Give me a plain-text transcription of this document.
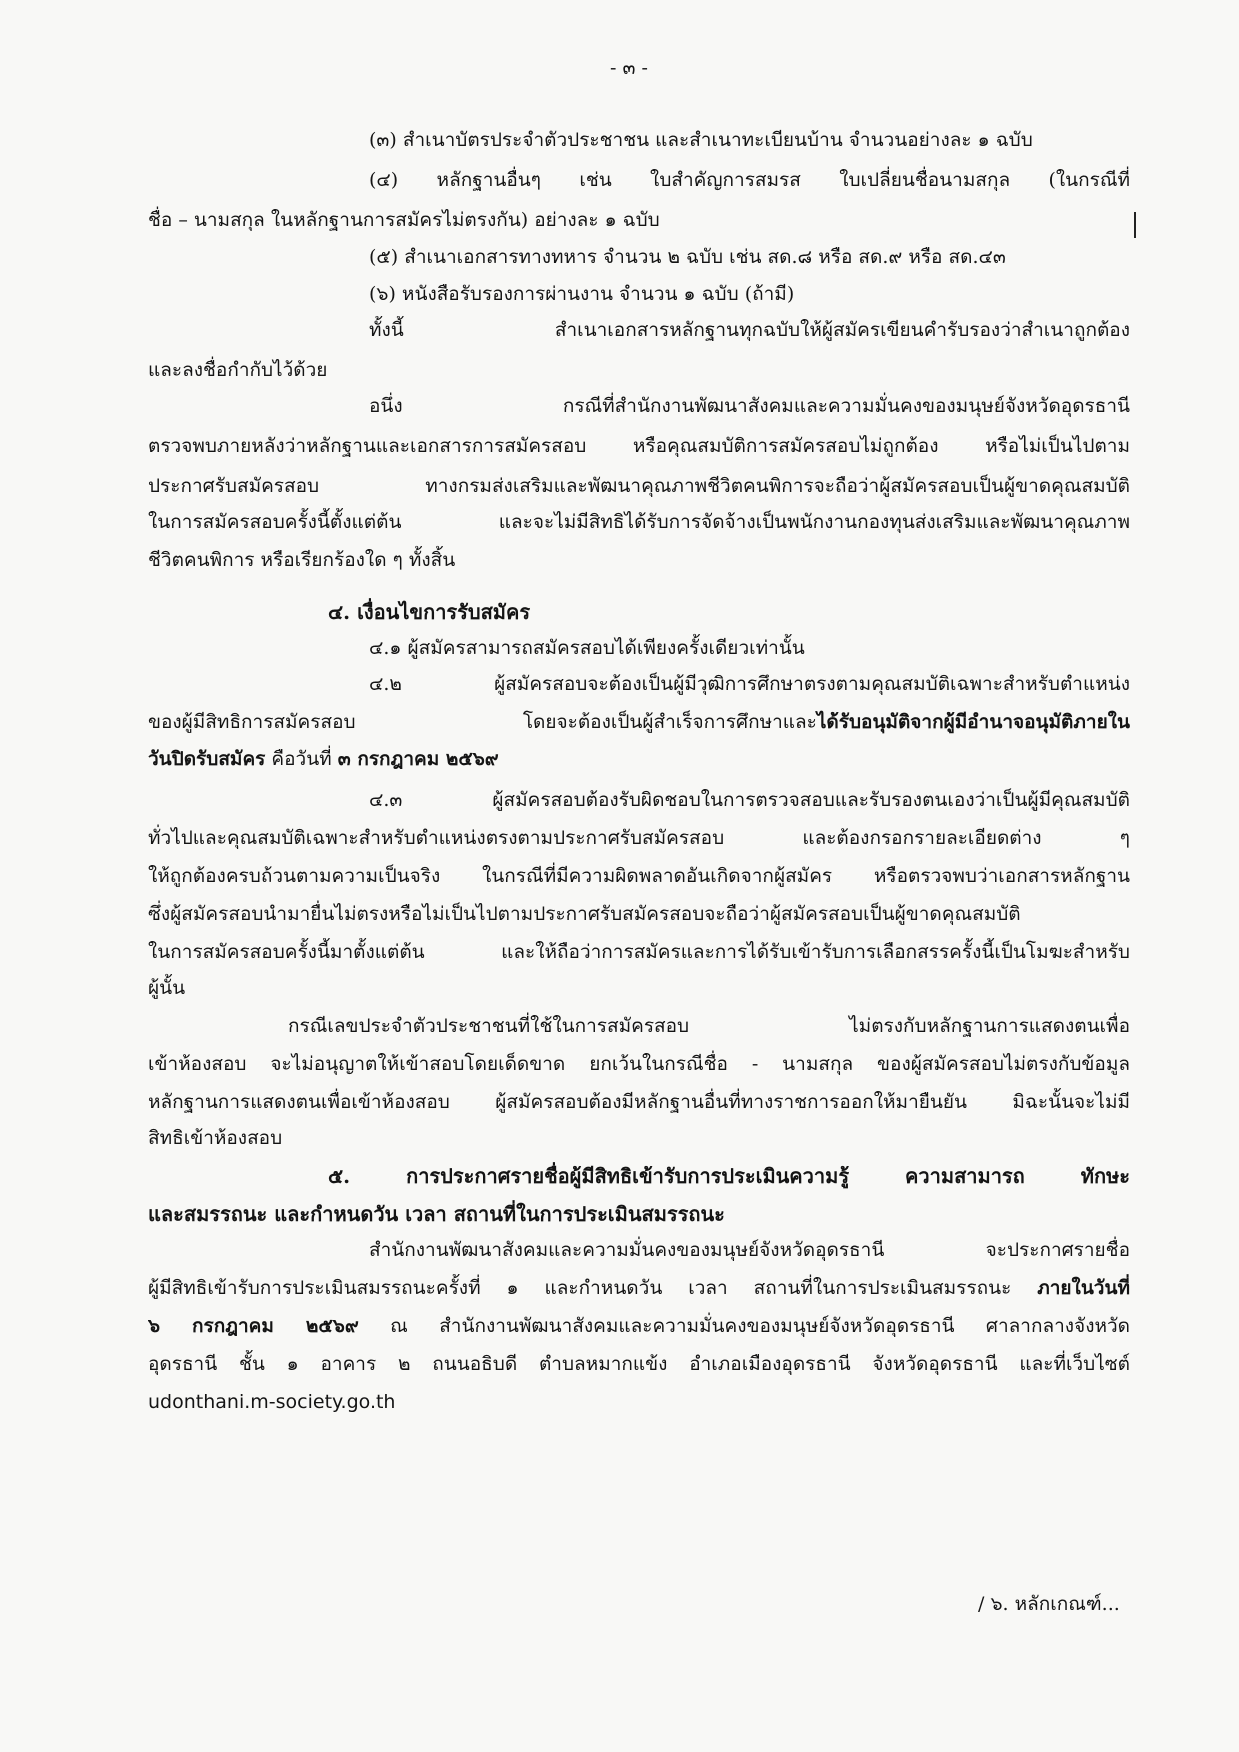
- ๓ -
(๓) สำเนาบัตรประจำตัวประชาชน และสำเนาทะเบียนบ้าน จำนวนอย่างละ ๑ ฉบับ
(๔) หลักฐานอื่นๆ เช่น ใบสำคัญการสมรส ใบเปลี่ยนชื่อนามสกุล (ในกรณีที่
ชื่อ – นามสกุล ในหลักฐานการสมัครไม่ตรงกัน) อย่างละ ๑ ฉบับ
(๕) สำเนาเอกสารทางทหาร จำนวน ๒ ฉบับ เช่น สด.๘ หรือ สด.๙ หรือ สด.๔๓
(๖) หนังสือรับรองการผ่านงาน จำนวน ๑ ฉบับ (ถ้ามี)
ทั้งนี้ สำเนาเอกสารหลักฐานทุกฉบับให้ผู้สมัครเขียนคำรับรองว่าสำเนาถูกต้อง
และลงชื่อกำกับไว้ด้วย
อนึ่ง กรณีที่สำนักงานพัฒนาสังคมและความมั่นคงของมนุษย์จังหวัดอุดรธานี
ตรวจพบภายหลังว่าหลักฐานและเอกสารการสมัครสอบ หรือคุณสมบัติการสมัครสอบไม่ถูกต้อง หรือไม่เป็นไปตาม
ประกาศรับสมัครสอบ ทางกรมส่งเสริมและพัฒนาคุณภาพชีวิตคนพิการจะถือว่าผู้สมัครสอบเป็นผู้ขาดคุณสมบัติ
ในการสมัครสอบครั้งนี้ตั้งแต่ต้น และจะไม่มีสิทธิได้รับการจัดจ้างเป็นพนักงานกองทุนส่งเสริมและพัฒนาคุณภาพ
ชีวิตคนพิการ หรือเรียกร้องใด ๆ ทั้งสิ้น
๔. เงื่อนไขการรับสมัคร
๔.๑ ผู้สมัครสามารถสมัครสอบได้เพียงครั้งเดียวเท่านั้น
๔.๒ ผู้สมัครสอบจะต้องเป็นผู้มีวุฒิการศึกษาตรงตามคุณสมบัติเฉพาะสำหรับตำแหน่ง
ของผู้มีสิทธิการสมัครสอบ โดยจะต้องเป็นผู้สำเร็จการศึกษาและได้รับอนุมัติจากผู้มีอำนาจอนุมัติภายใน
วันปิดรับสมัคร คือวันที่ ๓ กรกฎาคม ๒๕๖๙
๔.๓ ผู้สมัครสอบต้องรับผิดชอบในการตรวจสอบและรับรองตนเองว่าเป็นผู้มีคุณสมบัติ
ทั่วไปและคุณสมบัติเฉพาะสำหรับตำแหน่งตรงตามประกาศรับสมัครสอบ และต้องกรอกรายละเอียดต่าง ๆ
ให้ถูกต้องครบถ้วนตามความเป็นจริง ในกรณีที่มีความผิดพลาดอันเกิดจากผู้สมัคร หรือตรวจพบว่าเอกสารหลักฐาน
ซึ่งผู้สมัครสอบนำมายื่นไม่ตรงหรือไม่เป็นไปตามประกาศรับสมัครสอบจะถือว่าผู้สมัครสอบเป็นผู้ขาดคุณสมบัติ
ในการสมัครสอบครั้งนี้มาตั้งแต่ต้น และให้ถือว่าการสมัครและการได้รับเข้ารับการเลือกสรรครั้งนี้เป็นโมฆะสำหรับ
ผู้นั้น
กรณีเลขประจำตัวประชาชนที่ใช้ในการสมัครสอบ ไม่ตรงกับหลักฐานการแสดงตนเพื่อ
เข้าห้องสอบ จะไม่อนุญาตให้เข้าสอบโดยเด็ดขาด ยกเว้นในกรณีชื่อ - นามสกุล ของผู้สมัครสอบไม่ตรงกับข้อมูล
หลักฐานการแสดงตนเพื่อเข้าห้องสอบ ผู้สมัครสอบต้องมีหลักฐานอื่นที่ทางราชการออกให้มายืนยัน มิฉะนั้นจะไม่มี
สิทธิเข้าห้องสอบ
๕. การประกาศรายชื่อผู้มีสิทธิเข้ารับการประเมินความรู้ ความสามารถ ทักษะ
และสมรรถนะ และกำหนดวัน เวลา สถานที่ในการประเมินสมรรถนะ
สำนักงานพัฒนาสังคมและความมั่นคงของมนุษย์จังหวัดอุดรธานี จะประกาศรายชื่อ
ผู้มีสิทธิเข้ารับการประเมินสมรรถนะครั้งที่ ๑ และกำหนดวัน เวลา สถานที่ในการประเมินสมรรถนะ ภายในวันที่
๖ กรกฎาคม ๒๕๖๙ ณ สำนักงานพัฒนาสังคมและความมั่นคงของมนุษย์จังหวัดอุดรธานี ศาลากลางจังหวัด
อุดรธานี ชั้น ๑ อาคาร ๒ ถนนอธิบดี ตำบลหมากแข้ง อำเภอเมืองอุดรธานี จังหวัดอุดรธานี และที่เว็บไซต์
udonthani.m-society.go.th
/ ๖. หลักเกณฑ์...
